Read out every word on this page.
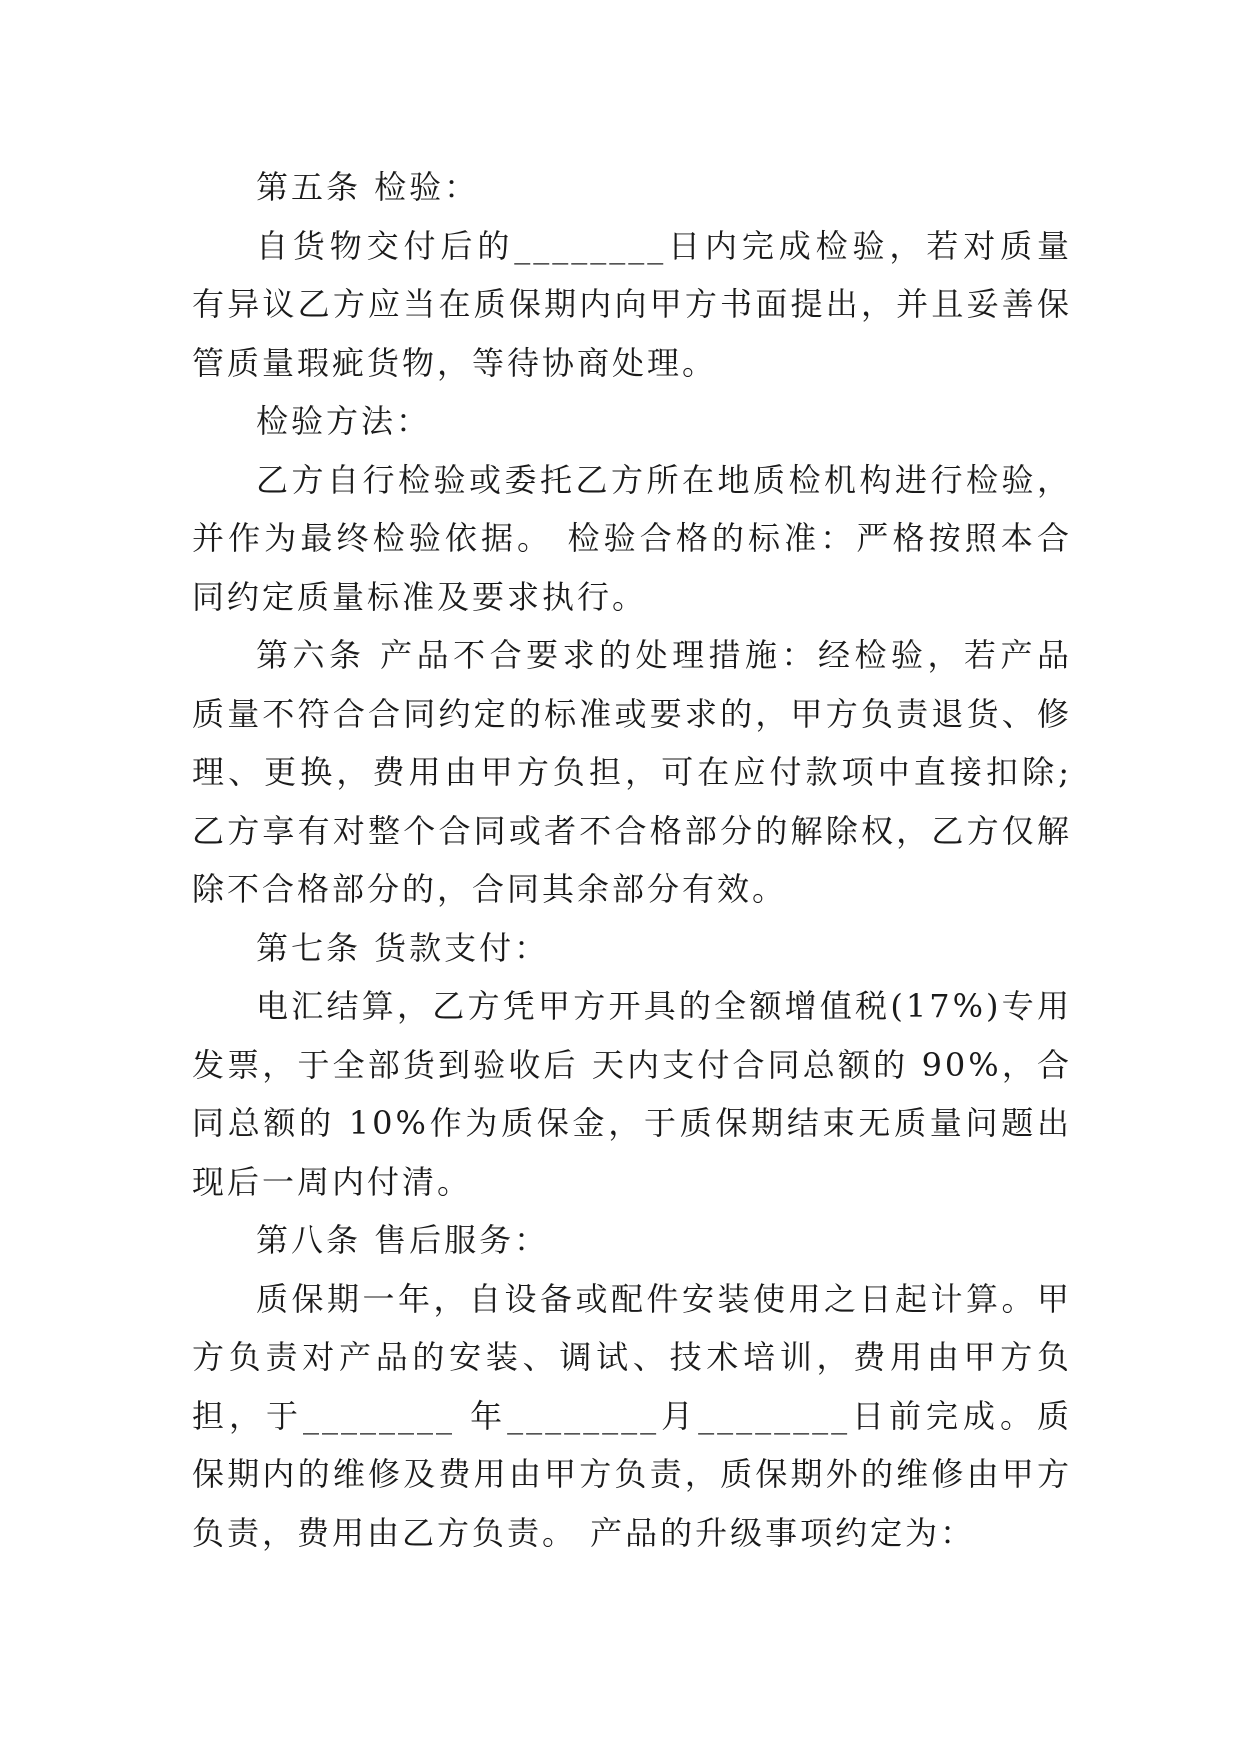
第五条 检验：

自货物交付后的________日内完成检验，若对质量有异议乙方应当在质保期内向甲方书面提出，并且妥善保管质量瑕疵货物，等待协商处理。

检验方法：

乙方自行检验或委托乙方所在地质检机构进行检验，并作为最终检验依据。 检验合格的标准：严格按照本合同约定质量标准及要求执行。

第六条 产品不合要求的处理措施：经检验，若产品质量不符合合同约定的标准或要求的，甲方负责退货、修理、更换，费用由甲方负担，可在应付款项中直接扣除;乙方享有对整个合同或者不合格部分的解除权，乙方仅解除不合格部分的，合同其余部分有效。

第七条 货款支付：

电汇结算，乙方凭甲方开具的全额增值税(17%)专用发票，于全部货到验收后 天内支付合同总额的 90%，合同总额的 10%作为质保金，于质保期结束无质量问题出现后一周内付清。

第八条 售后服务：

质保期一年，自设备或配件安装使用之日起计算。甲方负责对产品的安装、调试、技术培训，费用由甲方负担，于________ 年________月________日前完成。质保期内的维修及费用由甲方负责，质保期外的维修由甲方负责，费用由乙方负责。 产品的升级事项约定为：
